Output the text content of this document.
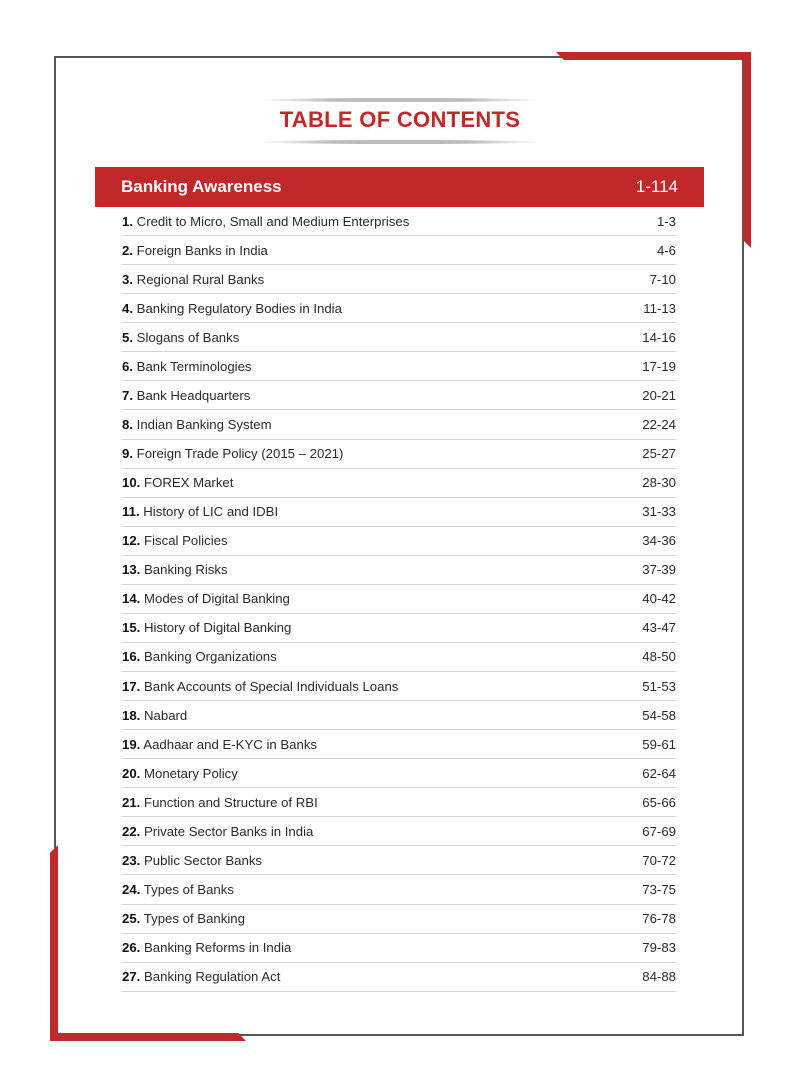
TABLE OF CONTENTS
Banking Awareness	1-114
1. Credit to Micro, Small and Medium Enterprises	1-3
2. Foreign Banks in India	4-6
3. Regional Rural Banks	7-10
4. Banking Regulatory Bodies in India	11-13
5. Slogans of Banks	14-16
6. Bank Terminologies	17-19
7. Bank Headquarters	20-21
8. Indian Banking System	22-24
9. Foreign Trade Policy (2015 – 2021)	25-27
10. FOREX Market	28-30
11. History of LIC and IDBI	31-33
12. Fiscal Policies	34-36
13. Banking Risks	37-39
14. Modes of Digital Banking	40-42
15. History of Digital Banking	43-47
16. Banking Organizations	48-50
17. Bank Accounts of Special Individuals Loans	51-53
18. Nabard	54-58
19. Aadhaar and E-KYC in Banks	59-61
20. Monetary Policy	62-64
21. Function and Structure of RBI	65-66
22. Private Sector Banks in India	67-69
23. Public Sector Banks	70-72
24. Types of Banks	73-75
25. Types of Banking	76-78
26. Banking Reforms in India	79-83
27. Banking Regulation Act	84-88
